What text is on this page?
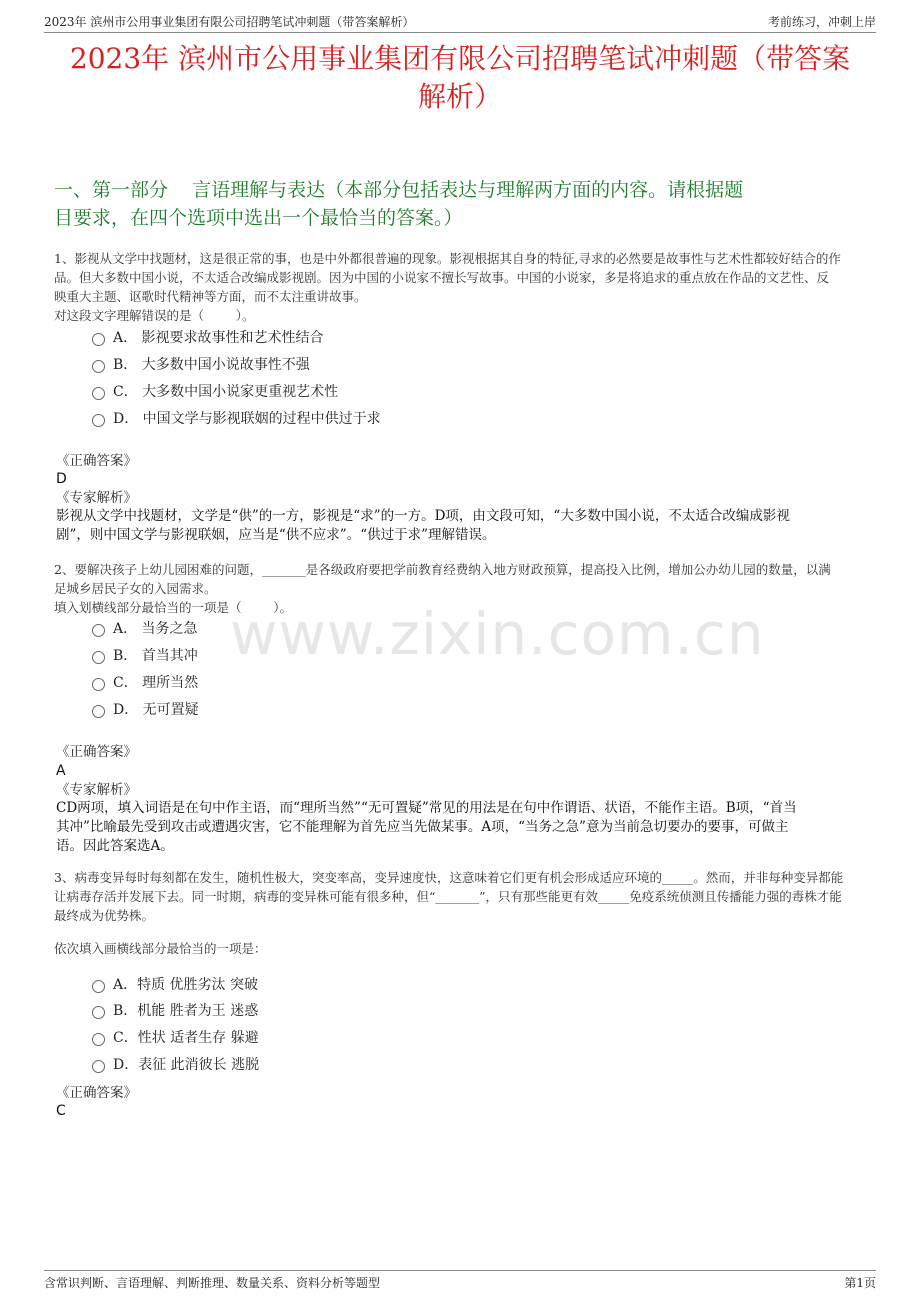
2023年 滨州市公用事业集团有限公司招聘笔试冲刺题（带答案解析）	考前练习，冲刺上岸
2023年 滨州市公用事业集团有限公司招聘笔试冲刺题（带答案
解析）
一、第一部分    言语理解与表达（本部分包括表达与理解两方面的内容。请根据题
目要求，在四个选项中选出一个最恰当的答案。）
www.zixin.com.cn
1、影视从文学中找题材，这是很正常的事，也是中外都很普遍的现象。影视根据其自身的特征,寻求的必然要是故事性与艺术性都较好结合的作
品。但大多数中国小说，不太适合改编成影视剧。因为中国的小说家不擅长写故事。中国的小说家，多是将追求的重点放在作品的文艺性、反
映重大主题、讴歌时代精神等方面，而不太注重讲故事。
对这段文字理解错误的是（        ）。
A． 影视要求故事性和艺术性结合
B． 大多数中国小说故事性不强
C． 大多数中国小说家更重视艺术性
D． 中国文学与影视联姻的过程中供过于求
《正确答案》
D
《专家解析》
影视从文学中找题材，文学是“供”的一方，影视是“求”的一方。D项，由文段可知，“大多数中国小说，不太适合改编成影视
剧”，则中国文学与影视联姻，应当是“供不应求”。“供过于求”理解错误。
2、要解决孩子上幼儿园困难的问题，_______是各级政府要把学前教育经费纳入地方财政预算，提高投入比例，增加公办幼儿园的数量，以满
足城乡居民子女的入园需求。
填入划横线部分最恰当的一项是（        ）。
A． 当务之急
B． 首当其冲
C． 理所当然
D． 无可置疑
《正确答案》
A
《专家解析》
CD两项，填入词语是在句中作主语，而“理所当然”“无可置疑”常见的用法是在句中作谓语、状语，不能作主语。B项，“首当
其冲”比喻最先受到攻击或遭遇灾害，它不能理解为首先应当先做某事。A项，“当务之急”意为当前急切要办的要事，可做主
语。因此答案选A。
3、病毒变异每时每刻都在发生，随机性极大，突变率高，变异速度快，这意味着它们更有机会形成适应环境的_____。然而，并非每种变异都能
让病毒存活并发展下去。同一时期，病毒的变异株可能有很多种，但“_______”，只有那些能更有效_____免疫系统侦测且传播能力强的毒株才能
最终成为优势株。
依次填入画横线部分最恰当的一项是：
A．特质 优胜劣汰 突破
B．机能 胜者为王 迷惑
C．性状 适者生存 躲避
D．表征 此消彼长 逃脱
《正确答案》
C
含常识判断、言语理解、判断推理、数量关系、资料分析等题型	第1页
